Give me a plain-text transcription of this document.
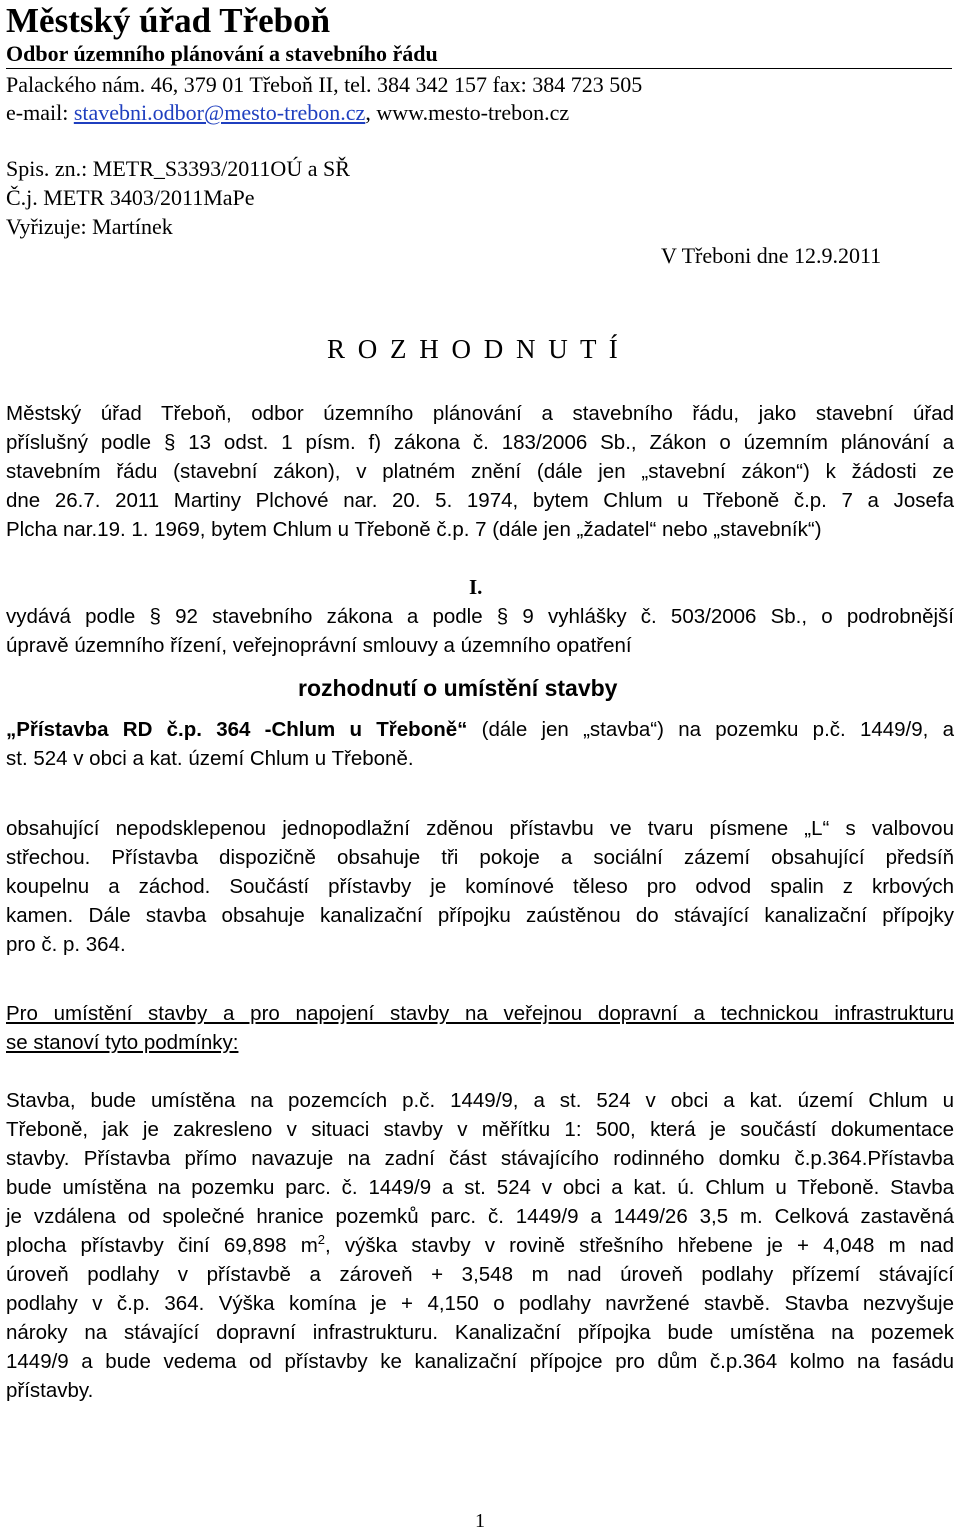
Městský úřad Třeboň
Odbor územního plánování a stavebního řádu
Palackého nám. 46, 379 01 Třeboň II, tel. 384 342 157 fax: 384 723 505
e-mail: stavebni.odbor@mesto-trebon.cz, www.mesto-trebon.cz
Spis. zn.: METR_S3393/2011OÚ a SŘ
Č.j. METR 3403/2011MaPe
Vyřizuje: Martínek
V Třeboni dne 12.9.2011
R O Z H O D N U T Í
Městský úřad Třeboň, odbor územního plánování a stavebního řádu, jako stavební úřad
příslušný podle § 13 odst. 1 písm. f) zákona č. 183/2006 Sb., Zákon o územním plánování a
stavebním řádu (stavební zákon), v platném znění (dále jen „stavební zákon“) k žádosti ze
dne 26.7. 2011 Martiny Plchové nar. 20. 5. 1974, bytem Chlum u Třeboně č.p. 7 a Josefa
Plcha nar.19. 1. 1969, bytem Chlum u Třeboně č.p. 7 (dále jen „žadatel“ nebo „stavebník“)
I.
vydává podle § 92 stavebního zákona a podle § 9 vyhlášky č. 503/2006 Sb., o podrobnější
úpravě územního řízení, veřejnoprávní smlouvy a územního opatření
rozhodnutí o umístění stavby
„Přístavba RD č.p. 364 -Chlum u Třeboně“ (dále jen „stavba“) na pozemku p.č. 1449/9, a
st. 524 v obci a kat. území Chlum u Třeboně.
obsahující nepodsklepenou jednopodlažní zděnou přístavbu ve tvaru písmene „L“ s valbovou
střechou. Přístavba dispozičně obsahuje tři pokoje a sociální zázemí obsahující předsíň
koupelnu a záchod. Součástí přístavby je komínové těleso pro odvod spalin z krbových
kamen. Dále stavba obsahuje kanalizační přípojku zaústěnou do stávající kanalizační přípojky
pro č. p. 364.
Pro umístění stavby a pro napojení stavby na veřejnou dopravní a technickou infrastrukturu
se stanoví tyto podmínky:
Stavba, bude umístěna na pozemcích p.č. 1449/9, a st. 524 v obci a kat. území Chlum u
Třeboně, jak je zakresleno v situaci stavby v měřítku 1: 500, která je součástí dokumentace
stavby. Přístavba přímo navazuje na zadní část stávajícího rodinného domku č.p.364.Přístavba
bude umístěna na pozemku parc. č. 1449/9 a st. 524 v obci a kat. ú. Chlum u Třeboně. Stavba
je vzdálena od společné hranice pozemků parc. č. 1449/9 a 1449/26 3,5 m. Celková zastavěná
plocha přístavby činí 69,898 $m^2$, výška stavby v rovině střešního hřebene je + 4,048 m nad
úroveň podlahy v přístavbě a zároveň + 3,548 m nad úroveň podlahy přízemí stávající
podlahy v č.p. 364. Výška komína je + 4,150 o podlahy navržené stavbě. Stavba nezvyšuje
nároky na stávající dopravní infrastrukturu. Kanalizační přípojka bude umístěna na pozemek
1449/9 a bude vedema od přístavby ke kanalizační přípojce pro dům č.p.364 kolmo na fasádu
přístavby.
1
